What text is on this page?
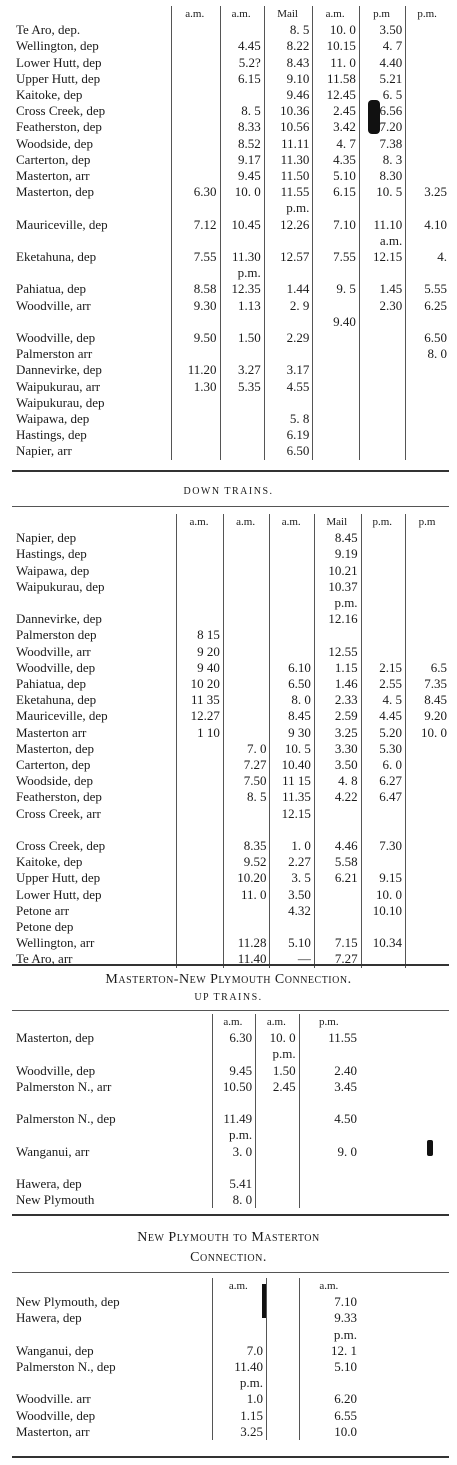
	a.m.	a.m.	Mail	a.m.	p.m	p.m.
Te Aro, dep.			8. 5	10. 0	3.50	
Wellington, dep		4.45	8.22	10.15	4. 7	
Lower Hutt, dep		5.2?	8.43	11. 0	4.40	
Upper Hutt, dep		6.15	9.10	11.58	5.21	
Kaitoke, dep			9.46	12.45	6. 5	
Cross Creek, dep		8. 5	10.36	2.45	6.56	
Featherston, dep		8.33	10.56	3.42	7.20	
Woodside, dep		8.52	11.11	4. 7	7.38	
Carterton, dep		9.17	11.30	4.35	8. 3	
Masterton, arr		9.45	11.50	5.10	8.30	
Masterton, dep	6.30	10. 0	11.55	6.15	10. 5	3.25
			p.m.			
Mauriceville, dep	7.12	10.45	12.26	7.10	11.10	4.10
					a.m.	
Eketahuna, dep	7.55	11.30	12.57	7.55	12.15	4.
		p.m.				
Pahiatua, dep	8.58	12.35	1.44	9. 5	1.45	5.55
Woodville, arr	9.30	1.13	2. 9		2.30	6.25
				9.40		
Woodville, dep	9.50	1.50	2.29			6.50
Palmerston arr						8. 0
Dannevirke, dep	11.20	3.27	3.17			
Waipukurau, arr	1.30	5.35	4.55			
Waipukurau, dep						
Waipawa, dep			5. 8			
Hastings, dep			6.19			
Napier, arr			6.50			
DOWN TRAINS.
	a.m.	a.m.	a.m.	Mail	p.m.	p.m
Napier, dep				8.45		
Hastings, dep				9.19		
Waipawa, dep				10.21		
Waipukurau, dep				10.37		
				p.m.		
Dannevirke, dep				12.16		
Palmerston dep	8 15					
Woodville, arr	9 20			12.55		
Woodville, dep	9 40		6.10	1.15	2.15	6.5
Pahiatua, dep	10 20		6.50	1.46	2.55	7.35
Eketahuna, dep	11 35		8. 0	2.33	4. 5	8.45
Mauriceville, dep	12.27		8.45	2.59	4.45	9.20
Masterton arr	1 10		9 30	3.25	5.20	10. 0
Masterton, dep		7. 0	10. 5	3.30	5.30	
Carterton, dep		7.27	10.40	3.50	6. 0	
Woodside, dep		7.50	11 15	4. 8	6.27	
Featherston, dep		8. 5	11.35	4.22	6.47	
Cross Creek, arr			12.15			

Cross Creek, dep		8.35	1. 0	4.46	7.30	
Kaitoke, dep		9.52	2.27	5.58		
Upper Hutt, dep		10.20	3. 5	6.21	9.15	
Lower Hutt, dep		11. 0	3.50		10. 0	
Petone arr			4.32		10.10	
Petone dep						
Wellington, arr		11.28	5.10	7.15	10.34	
Te Aro, arr		11.40	—	7.27		
Masterton-New Plymouth Connection.
UP TRAINS.
	a.m.	a.m.	p.m.
Masterton, dep	6.30	10. 0	11.55
		p.m.	
Woodville, dep	9.45	1.50	2.40
Palmerston N., arr	10.50	2.45	3.45

Palmerston N., dep	11.49		4.50
	p.m.		
Wanganui, arr	3. 0		9. 0

Hawera, dep	5.41		
New Plymouth	8. 0		
New Plymouth to Masterton
Connection.
	a.m.		a.m.
New Plymouth, dep			7.10
Hawera, dep			9.33
			p.m.
Wanganui, dep	7.0		12. 1
Palmerston N., dep	11.40		5.10
	p.m.		
Woodville. arr	1.0		6.20
Woodville, dep	1.15		6.55
Masterton, arr	3.25		10.0
